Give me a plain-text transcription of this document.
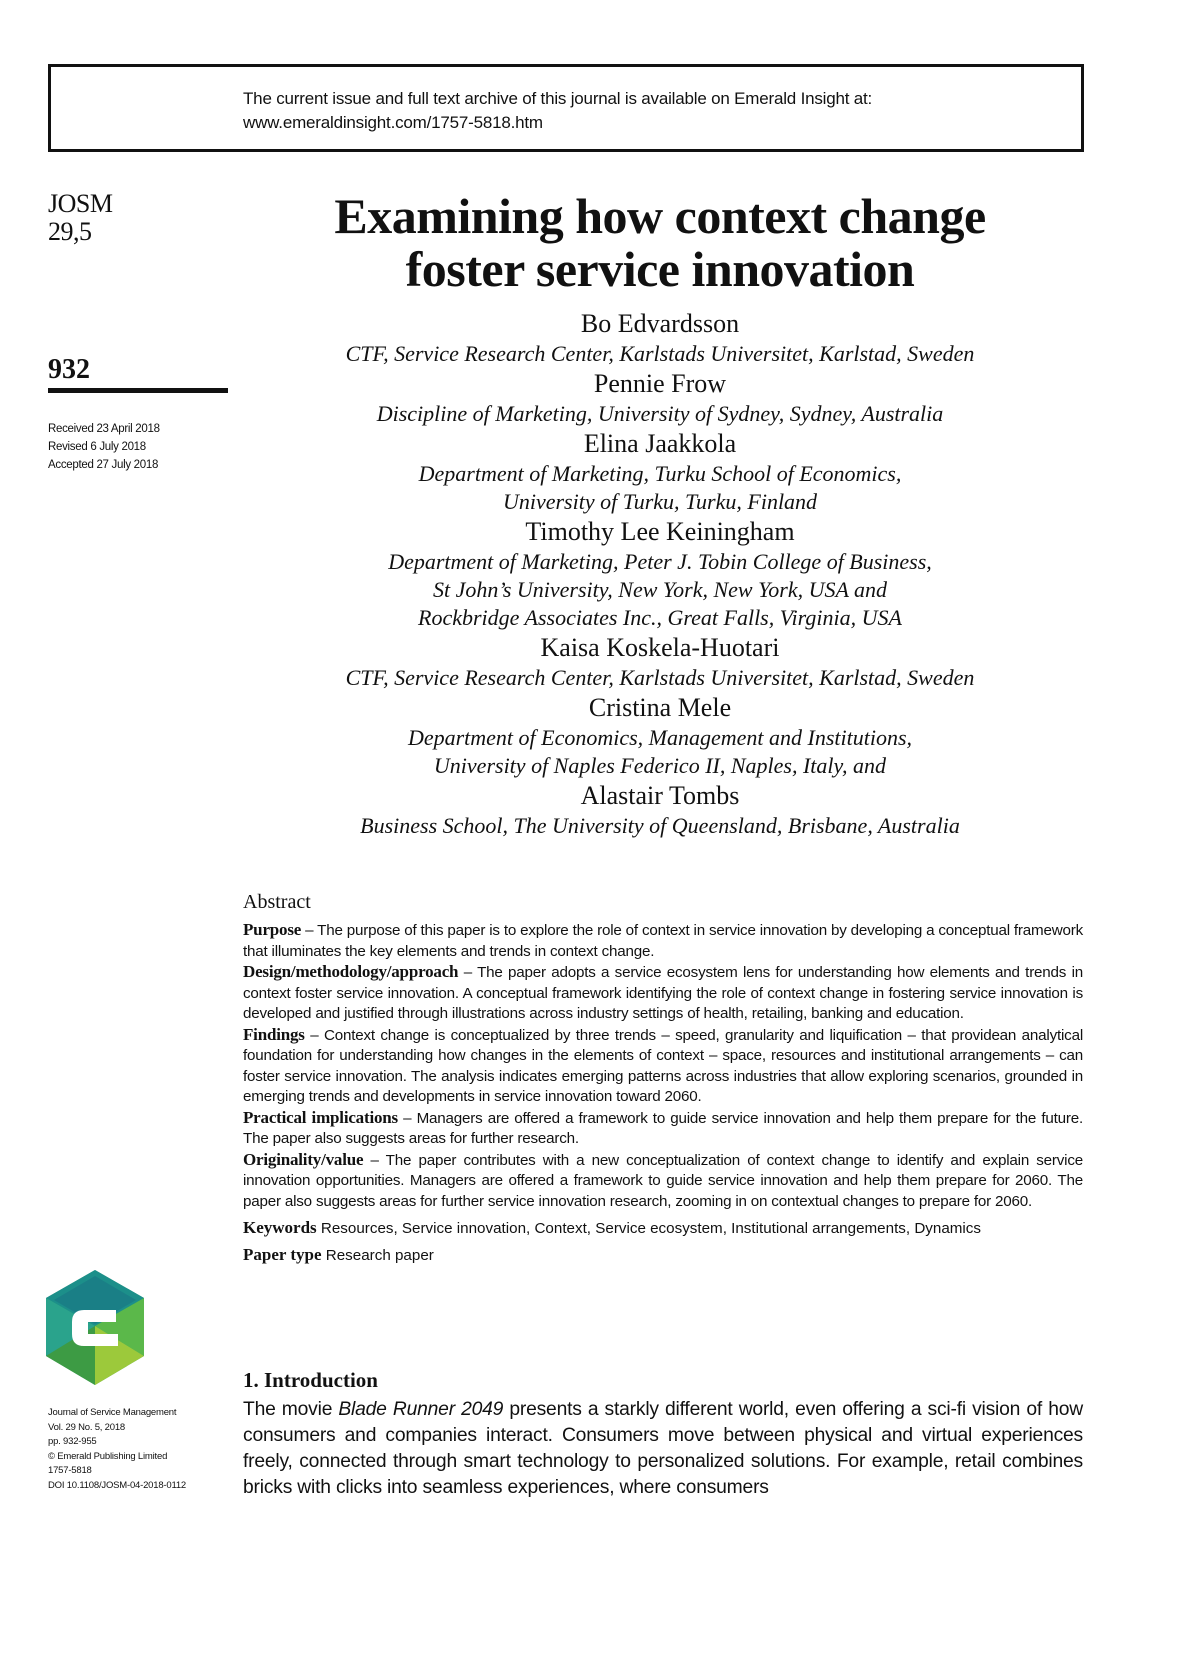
The current issue and full text archive of this journal is available on Emerald Insight at:
www.emeraldinsight.com/1757-5818.htm
JOSM
29,5
932
Received 23 April 2018
Revised 6 July 2018
Accepted 27 July 2018
Examining how context change
foster service innovation
Bo Edvardsson
CTF, Service Research Center, Karlstads Universitet, Karlstad, Sweden
Pennie Frow
Discipline of Marketing, University of Sydney, Sydney, Australia
Elina Jaakkola
Department of Marketing, Turku School of Economics,
University of Turku, Turku, Finland
Timothy Lee Keiningham
Department of Marketing, Peter J. Tobin College of Business,
St John’s University, New York, New York, USA and
Rockbridge Associates Inc., Great Falls, Virginia, USA
Kaisa Koskela-Huotari
CTF, Service Research Center, Karlstads Universitet, Karlstad, Sweden
Cristina Mele
Department of Economics, Management and Institutions,
University of Naples Federico II, Naples, Italy, and
Alastair Tombs
Business School, The University of Queensland, Brisbane, Australia
Abstract

Purpose – The purpose of this paper is to explore the role of context in service innovation by developing a conceptual framework that illuminates the key elements and trends in context change.

Design/methodology/approach – The paper adopts a service ecosystem lens for understanding how elements and trends in context foster service innovation. A conceptual framework identifying the role of context change in fostering service innovation is developed and justified through illustrations across industry settings of health, retailing, banking and education.

Findings – Context change is conceptualized by three trends – speed, granularity and liquification – that providean analytical foundation for understanding how changes in the elements of context – space, resources and institutional arrangements – can foster service innovation. The analysis indicates emerging patterns across industries that allow exploring scenarios, grounded in emerging trends and developments in service innovation toward 2060.

Practical implications – Managers are offered a framework to guide service innovation and help them prepare for the future. The paper also suggests areas for further research.

Originality/value – The paper contributes with a new conceptualization of context change to identify and explain service innovation opportunities. Managers are offered a framework to guide service innovation and help them prepare for 2060. The paper also suggests areas for further service innovation research, zooming in on contextual changes to prepare for 2060.

Keywords Resources, Service innovation, Context, Service ecosystem, Institutional arrangements, Dynamics
Paper type Research paper
Journal of Service Management
Vol. 29 No. 5, 2018
pp. 932-955
© Emerald Publishing Limited
1757-5818
DOI 10.1108/JOSM-04-2018-0112
1. Introduction

The movie Blade Runner 2049 presents a starkly different world, even offering a sci-fi vision of how consumers and companies interact. Consumers move between physical and virtual experiences freely, connected through smart technology to personalized solutions. For example, retail combines bricks with clicks into seamless experiences, where consumers
